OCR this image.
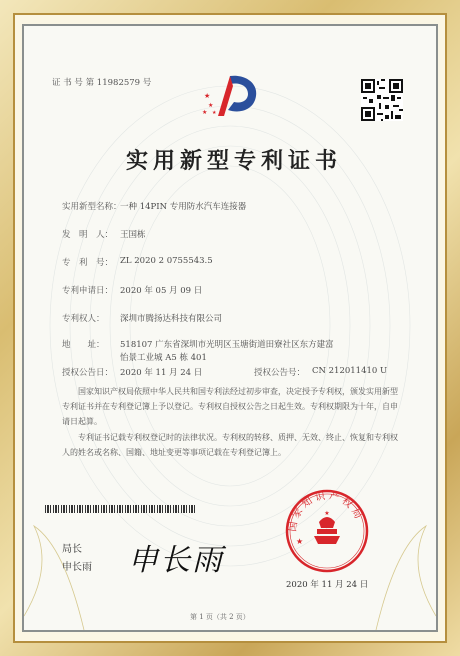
证 书 号 第 11982579 号
★
★
★ ★
实用新型专利证书
实用新型名称：
一种 14PIN 专用防水汽车连接器
发　明　人： 王国栋
专　利　号： ZL 2020 2 0755543.5
专利申请日： 2020 年 05 月 09 日
专利权人： 深圳市腾扬达科技有限公司
地　　址： 518107 广东省深圳市光明区玉塘街道田寮社区东方建富
怡景工业城 A5 栋 401
授权公告日： 2020 年 11 月 24 日	授权公告号： CN 212011410 U
国家知识产权局依照中华人民共和国专利法经过初步审查，决定授予专利权，颁发实用新型专利证书并在专利登记簿上予以登记。专利权自授权公告之日起生效。专利权期限为十年，自申请日起算。
专利证书记载专利权登记时的法律状况。专利权的转移、质押、无效、终止、恢复和专利权人的姓名或名称、国籍、地址变更等事项记载在专利登记簿上。
局长
申长雨 申长雨
★
★
国家知识产权局
2020 年 11 月 24 日
第 1 页（共 2 页）
